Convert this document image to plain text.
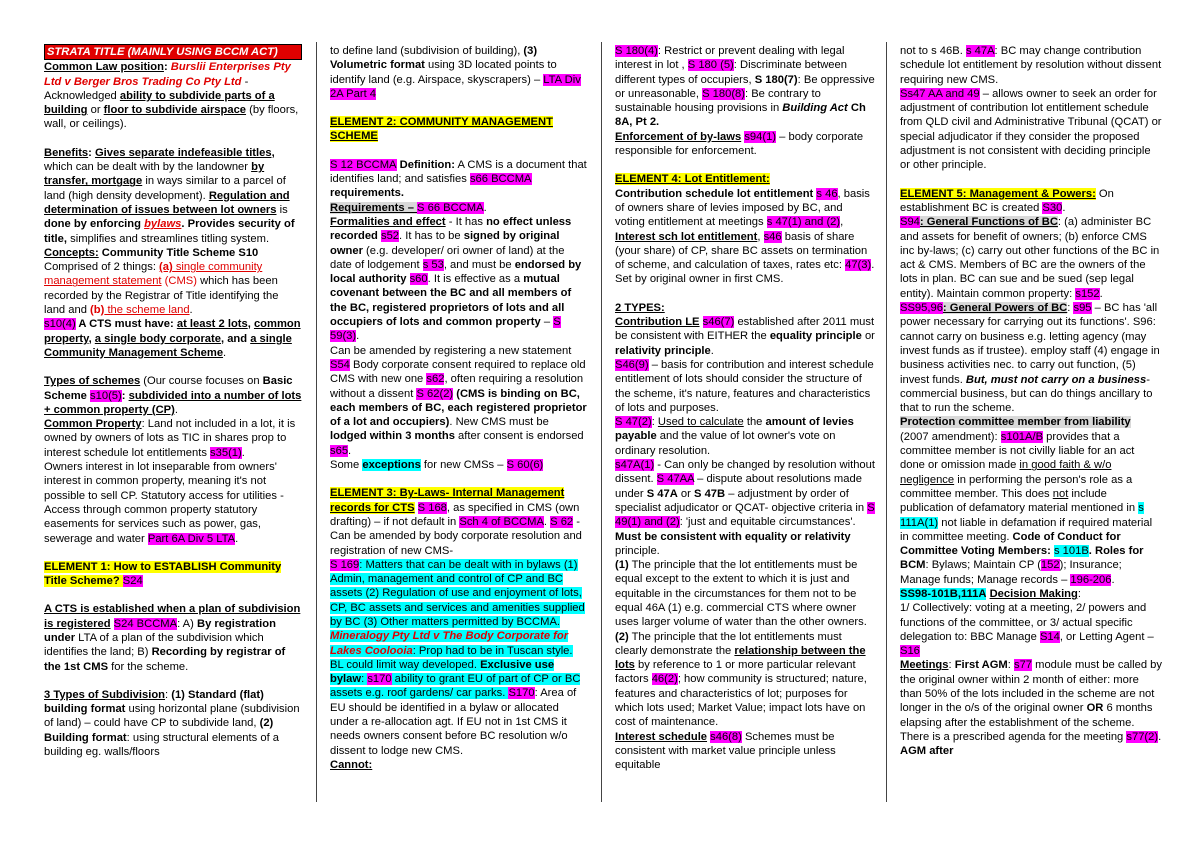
STRATA TITLE (MAINLY USING BCCM ACT)

Common Law position: Burslii Enterprises Pty Ltd v Berger Bros Trading Co Pty Ltd - Acknowledged ability to subdivide parts of a building or floor to subdivide airspace (by floors, wall, or ceilings).

Benefits: Gives separate indefeasible titles, which can be dealt with by the landowner by transfer, mortgage in ways similar to a parcel of land (high density development). Regulation and determination of issues between lot owners is done by enforcing bylaws. Provides security of title, simplifies and streamlines titling system.

Concepts: Community Title Scheme S10

Comprised of 2 things: (a) single community management statement (CMS) which has been recorded by the Registrar of Title identifying the land and (b) the scheme land.

s10(4) A CTS must have: at least 2 lots, common property, a single body corporate, and a single Community Management Scheme.

Types of schemes (Our course focuses on Basic Scheme s10(5): subdivided into a number of lots + common property (CP).

Common Property: Land not included in a lot, it is owned by owners of lots as TIC in shares prop to interest schedule lot entitlements s35(1).

Owners interest in lot inseparable from owners' interest in common property, meaning it's not possible to sell CP. Statutory access for utilities - Access through common property statutory easements for services such as power, gas, sewerage and water Part 6A Div 5 LTA.

ELEMENT 1: How to ESTABLISH Community Title Scheme? S24

A CTS is established when a plan of subdivision is registered S24 BCCMA: A) By registration under LTA of a plan of the subdivision which identifies the land; B) Recording by registrar of the 1st CMS for the scheme.

3 Types of Subdivision: (1) Standard (flat) building format using horizontal plane (subdivision of land) – could have CP to subdivide land, (2) Building format: using structural elements of a building eg. walls/floors

to define land (subdivision of building), (3) Volumetric format using 3D located points to identify land (e.g. Airspace, skyscrapers) – LTA Div 2A Part 4

ELEMENT 2: COMMUNITY MANAGEMENT SCHEME

S 12 BCCMA Definition: A CMS is a document that identifies land; and satisfies s66 BCCMA requirements.

Requirements – S 66 BCCMA.

Formalities and effect - It has no effect unless recorded s52. It has to be signed by original owner (e.g. developer/ ori owner of land) at the date of lodgement s 53, and must be endorsed by local authority s60. It is effective as a mutual covenant between the BC and all members of the BC, registered proprietors of lots and all occupiers of lots and common property – S 59(3).

Can be amended by registering a new statement S54 Body corporate consent required to replace old CMS with new one s62, often requiring a resolution without a dissent S 62(2) (CMS is binding on BC, each members of BC, each registered proprietor of a lot and occupiers). New CMS must be lodged within 3 months after consent is endorsed s65.

Some exceptions for new CMSs – S 60(6)

ELEMENT 3: By-Laws- Internal Management records for CTS S 168, as specified in CMS (own drafting) – if not default in Sch 4 of BCCMA. S 62 - Can be amended by body corporate resolution and registration of new CMS-

S 169: Matters that can be dealt with in bylaws (1) Admin, management and control of CP and BC assets (2) Regulation of use and enjoyment of lots, CP, BC assets and services and amenities supplied by BC (3) Other matters permitted by BCCMA. Mineralogy Pty Ltd v The Body Corporate for Lakes Coolooia: Prop had to be in Tuscan style. BL could limit way developed. Exclusive use bylaw: s170 ability to grant EU of part of CP or BC assets e.g. roof gardens/ car parks. S170: Area of EU should be identified in a bylaw or allocated under a re-allocation agt. If EU not in 1st CMS it needs owners consent before BC resolution w/o dissent to lodge new CMS.

Cannot:

S 180(4): Restrict or prevent dealing with legal interest in lot , S 180 (5): Discriminate between different types of occupiers, S 180(7): Be oppressive or unreasonable, S 180(8): Be contrary to sustainable housing provisions in Building Act Ch 8A, Pt 2.

Enforcement of by-laws s94(1) – body corporate responsible for enforcement.

ELEMENT 4: Lot Entitlement:

Contribution schedule lot entitlement s 46, basis of owners share of levies imposed by BC, and voting entitlement at meetings s 47(1) and (2), Interest sch lot entitlement, s46 basis of share (your share) of CP, share BC assets on termination of scheme, and calculation of taxes, rates etc: 47(3). Set by original owner in first CMS.

2 TYPES:

Contribution LE s46(7) established after 2011 must be consistent with EITHER the equality principle or relativity principle.

S46(9) – basis for contribution and interest schedule entitlement of lots should consider the structure of the scheme, it's nature, features and characteristics of lots and purposes.

S 47(2): Used to calculate the amount of levies payable and the value of lot owner's vote on ordinary resolution.

s47A(1) - Can only be changed by resolution without dissent. S 47AA – dispute about resolutions made under S 47A or S 47B – adjustment by order of specialist adjudicator or QCAT- objective criteria in S 49(1) and (2): 'just and equitable circumstances'.

Must be consistent with equality or relativity principle.

(1) The principle that the lot entitlements must be equal except to the extent to which it is just and equitable in the circumstances for them not to be equal 46A (1) e.g. commercial CTS where owner uses larger volume of water than the other owners. (2) The principle that the lot entitlements must clearly demonstrate the relationship between the lots by reference to 1 or more particular relevant factors 46(2); how community is structured; nature, features and characteristics of lot; purposes for which lots used; Market Value; impact lots have on cost of maintenance.

Interest schedule s46(8) Schemes must be consistent with market value principle unless equitable

not to s 46B. s 47A: BC may change contribution schedule lot entitlement by resolution without dissent requiring new CMS.

Ss47 AA and 49 – allows owner to seek an order for adjustment of contribution lot entitlement schedule from QLD civil and Administrative Tribunal (QCAT) or special adjudicator if they consider the proposed adjustment is not consistent with deciding principle or other principle.

ELEMENT 5: Management & Powers: On establishment BC is created S30.

S94: General Functions of BC: (a) administer BC and assets for benefit of owners; (b) enforce CMS inc by-laws; (c) carry out other functions of the BC in act & CMS. Members of BC are the owners of the lots in plan. BC can sue and be sued (sep legal entity). Maintain common property: s152.

SS95,96: General Powers of BC: s95 – BC has 'all power necessary for carrying out its functions'. S96: cannot carry on business e.g. letting agency (may invest funds as if trustee). employ staff (4) engage in business activities nec. to carry out function, (5) invest funds. But, must not carry on a business- commercial business, but can do things ancillary to that to run the scheme.

Protection committee member from liability (2007 amendment): s101A/B provides that a committee member is not civilly liable for an act done or omission made in good faith & w/o negligence in performing the person's role as a committee member. This does not include publication of defamatory material mentioned in s 111A(1) not liable in defamation if required material in committee meeting. Code of Conduct for Committee Voting Members: s 101B. Roles for BCM: Bylaws; Maintain CP (152); Insurance; Manage funds; Manage records – 196-206.

SS98-101B,111A Decision Making:

1/ Collectively: voting at a meeting, 2/ powers and functions of the committee, or 3/ actual specific delegation to: BBC Manage S14, or Letting Agent – S16

Meetings: First AGM: s77 module must be called by the original owner within 2 month of either: more than 50% of the lots included in the scheme are not longer in the o/s of the original owner OR 6 months elapsing after the establishment of the scheme. There is a prescribed agenda for the meeting s77(2). AGM after
